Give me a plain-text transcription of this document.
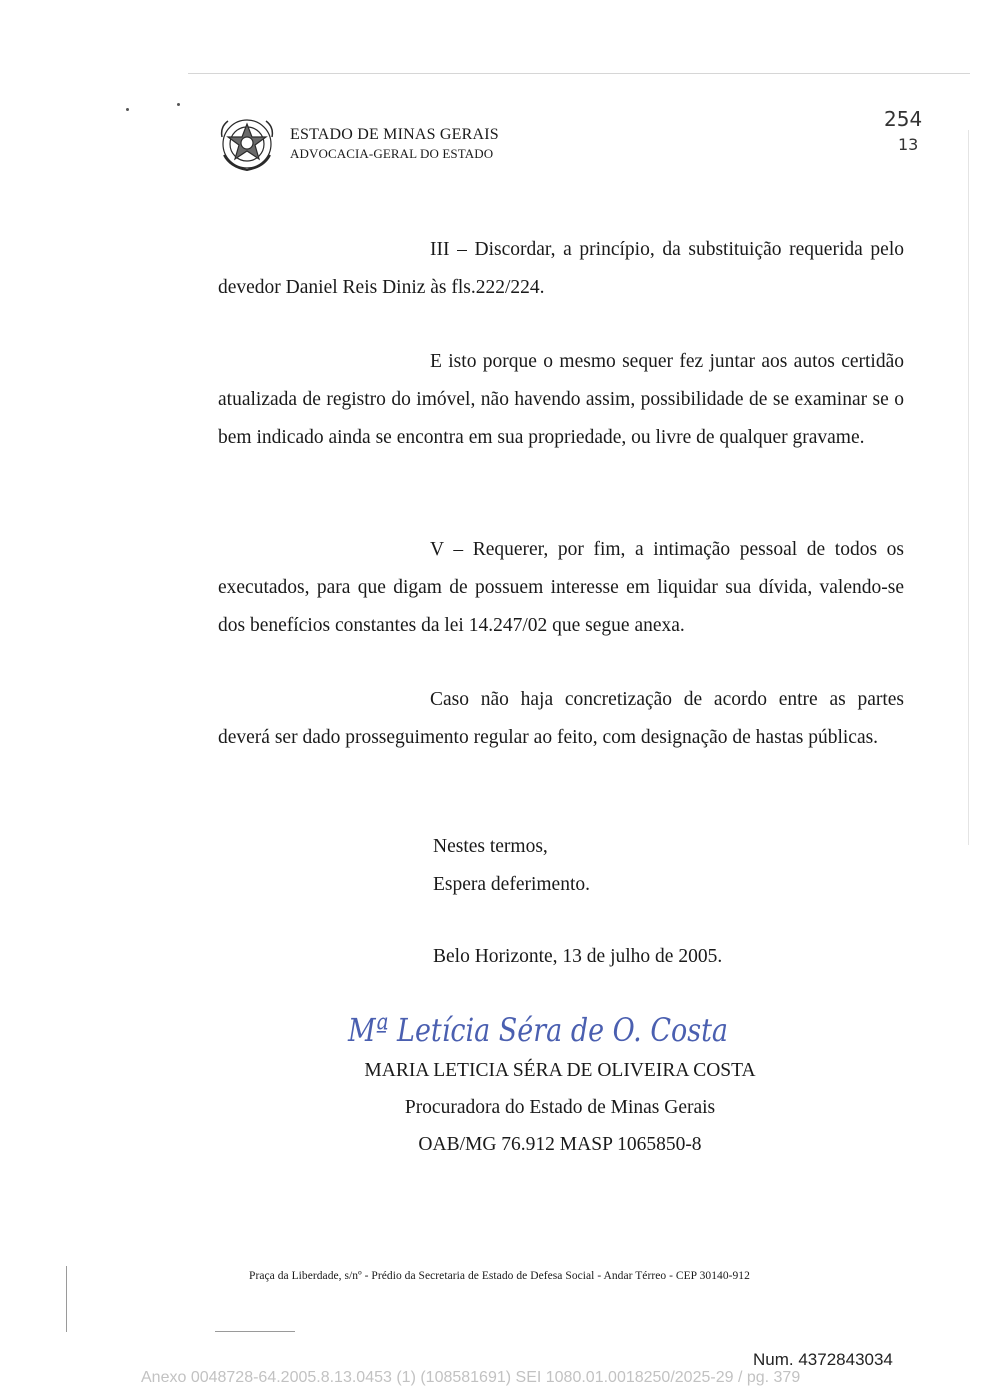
ESTADO DE MINAS GERAIS
ADVOCACIA-GERAL DO ESTADO
254
13

III – Discordar, a princípio, da substituição requerida pelo devedor Daniel Reis Diniz às fls.222/224.

E isto porque o mesmo sequer fez juntar aos autos certidão atualizada de registro do imóvel, não havendo assim, possibilidade de se examinar se o bem indicado ainda se encontra em sua propriedade, ou livre de qualquer gravame.

V – Requerer, por fim, a intimação pessoal de todos os executados, para que digam de possuem interesse em liquidar sua dívida, valendo-se dos benefícios constantes da lei 14.247/02 que segue anexa.

Caso não haja concretização de acordo entre as partes deverá ser dado prosseguimento regular ao feito, com designação de hastas públicas.

Nestes termos,
Espera deferimento.
Belo Horizonte, 13 de julho de 2005.
Mª Letícia Séra de O. Costa
MARIA LETICIA SÉRA DE OLIVEIRA COSTA
Procuradora do Estado de Minas Gerais
OAB/MG 76.912 MASP 1065850-8
Praça da Liberdade, s/nº - Prédio da Secretaria de Estado de Defesa Social - Andar Térreo - CEP 30140-912
Num. 4372843034
Anexo 0048728-64.2005.8.13.0453 (1) (108581691) SEI 1080.01.0018250/2025-29 / pg. 379
